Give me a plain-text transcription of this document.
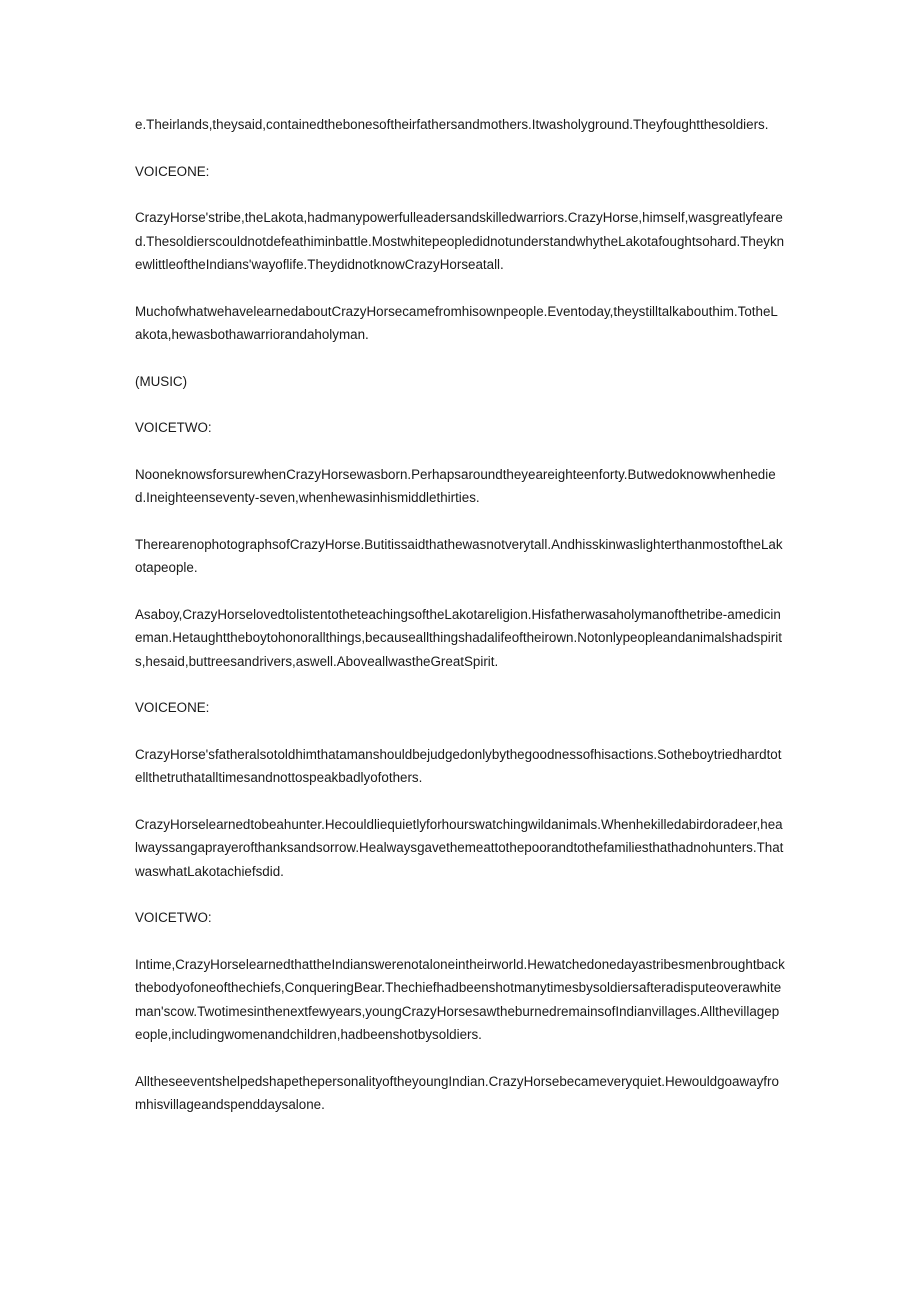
e.Theirlands,theysaid,containedthebonesoftheirfathersandmothers.Itwasholyground.Theyfoughtthesoldiers.

VOICEONE:

CrazyHorse'stribe,theLakota,hadmanypowerfulleadersandskilledwarriors.CrazyHorse,himself,wasgreatlyfeared.Thesoldierscouldnotdefeathiminbattle.MostwhitepeopledidnotunderstandwhytheLakotafoughtsohard.TheyknewlittleoftheIndians'wayoflife.TheydidnotknowCrazyHorseatall.

MuchofwhatwehavelearnedaboutCrazyHorsecamefromhisownpeople.Eventoday,theystilltalkabouthim.TotheLakota,hewasbothawarriorandaholyman.

(MUSIC)

VOICETWO:

NooneknowsforsurewhenCrazyHorsewasborn.Perhapsaroundtheyeareighteenforty.Butwedoknowwhenhedied.Ineighteenseventy-seven,whenhewasinhismiddlethirties.

TherearenophotographsofCrazyHorse.Butitissaidthathewasnotverytall.AndhisskinwaslighterthanmostoftheLakotapeople.

Asaboy,CrazyHorselovedtolistentotheteachingsoftheLakotareligion.Hisfatherwasaholymanofthetribe-amedicineman.Hetaughttheboytohonorallthings,becauseallthingshadalifeoftheirown.Notonlypeopleandanimalshadspirits,hesaid,buttreesandrivers,aswell.AboveallwastheGreatSpirit.

VOICEONE:

CrazyHorse'sfatheralsotoldhimthatamanshouldbejudgedonlybythegoodnessofhisactions.Sotheboytriedhardtotellthetruthatalltimesandnottospeakbadlyofothers.

CrazyHorselearnedtobeahunter.Hecouldliequietlyforhourswatchingwildanimals.Whenhekilledabirdoradeer,healwayssangaprayerofthanksandsorrow.Healwaysgavethemeattothepoorandtothefamiliesthathadnohunters.ThatwaswhatLakotachiefsdid.

VOICETWO:

Intime,CrazyHorselearnedthattheIndianswerenotaloneintheirworld.Hewatchedonedayastribesmenbroughtbackthebodyofoneofthechiefs,ConqueringBear.Thechiefhadbeenshotmanytimesbysoldiersafteradisputeoverawhiteman'scow.Twotimesinthenextfewyears,youngCrazyHorsesawtheburnedremainsofIndianvillages.Allthevillagepeople,includingwomenandchildren,hadbeenshotbysoldiers.

AlltheseeventshelpedshapethepersonalityoftheyoungIndian.CrazyHorsebecameveryquiet.Hewouldgoawayfromhisvillageandspenddaysalone.
